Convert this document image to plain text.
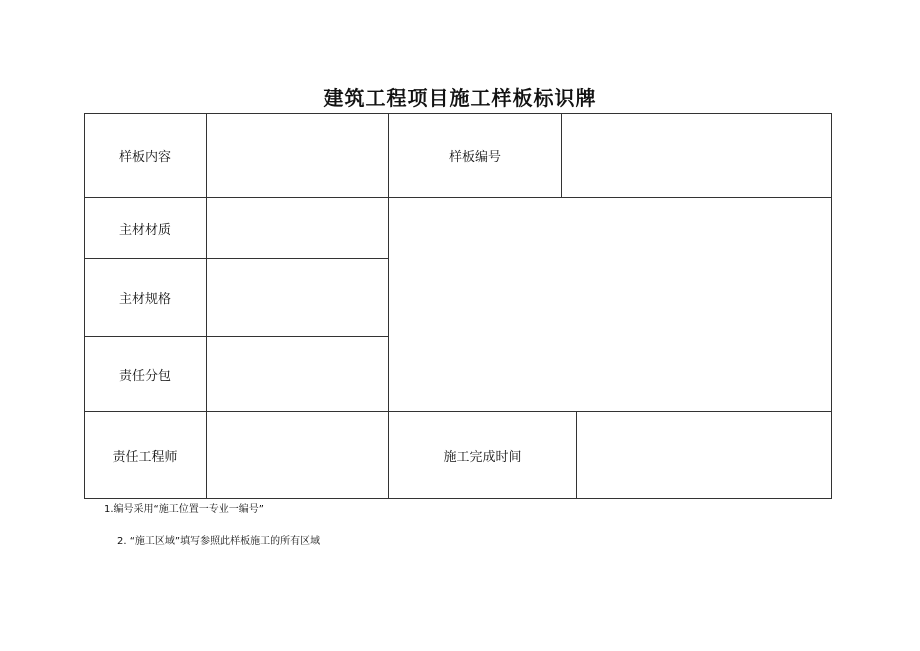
建筑工程项目施工样板标识牌
样板内容	样板编号
主材材质
主材规格
责任分包
责任工程师	施工完成时间
1.编号采用“施工位置一专业一编号”
2. “施工区域”填写参照此样板施工的所有区域
